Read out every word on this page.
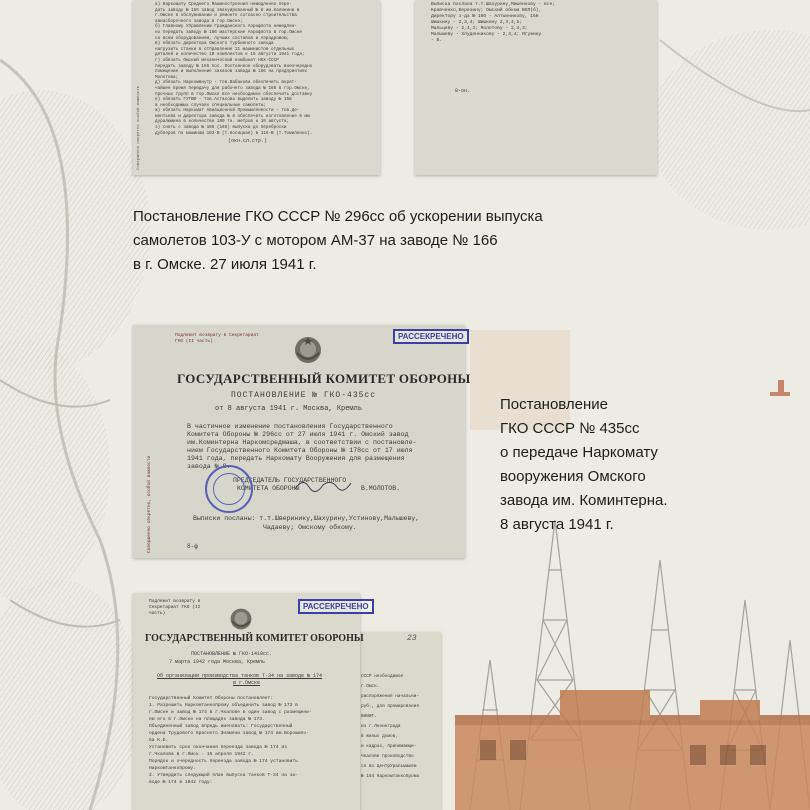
Совершенно секретно особой важности
а) Наркомату Среднего Машиностроения немедленно пере-
дать заводу № 166 завод эвакуированный № 8 им.Калинина в
г.Омске в обслуживании и ремонте согласно строительства
авиасборочного завода в гор.Омске;
б) Главному Управлению Гражданского Аэрофлота немедлен-
но передать заводу № 166 мастерские Аэрофлота в гор.Омске
со всем оборудованием, лучших составов и Аэродромом;
в) обязать директора Омского турбинного завода
нагрузить станки в отправление 11 машинистов отдельных
деталей и количество 10 комплектов к 15 августа 1941 года;
г) обязать Омский механический комбинат НКХ-СССР
передать заводу № 166 пос. Постоянное оборудовать внеочередно
помещение и выполнение заказов завода № 166 на предприятиях
Молотова;
д) обязать Наркомвнутр - тов.Бабакова обеспечить вкрат-
чайшее время передачу для рабочего завода № 166 в гор.Омске,
прочных групп в гор.Омске все необходимое обеспечить доставку
е) обязать ГУГВФ - тов.Астахова выделить заводу № 166
в необходимых случаях специальные самолеты;
ж) обязать Наркомат Авиационной Промышленности - тов.Де-
ментьева и директора завода № 8 обеспечить изготовление 6 мм
дуралюмина в количестве 100 тн. метров к 10 августа;
з) снять с завода № 166 (166) выпуска до переброски
дублеров по машинам 103-В (т.Косицкая) в 116-В (т.Томиленко).
(окн.сл.стр.)
Выписка послана т.т.Шахурину,Мишенкову - все;
Кравченко,Березину; Омский обком ВКП(б),
Директору з-да № 166 - Алтынникову, 166
Шишкину - 2,3,4; Шишкину 2,3,4,5;
Мальцеву - 2,4,3; Молотову - 2,4,3;
Малышеву - Хлудянникову - 2,3,4; Ягужину
- 8.
8-он.
Постановление ГКО СССР № 296сс об ускорении выпуска
самолетов 103-У с мотором АМ-37 на заводе № 166
в г. Омске. 27 июля 1941 г.
Подлежит возврату в Секретариат ГКО (II часть)
Совершенно секретно, особой важности
РАССЕКРЕЧЕНО
ГОСУДАРСТВЕННЫЙ КОМИТЕТ ОБОРОНЫ
ПОСТАНОВЛЕНИЕ № ГКО-435сс
от 8 августа 1941 г. Москва, Кремль
В частичное изменение постановления Государственного
Комитета Обороны № 296сс от 27 июля 1941 г. Омский завод
им.Коминтерна Наркомсредмаша, в соответствии с постановле-
нием Государственного Комитета Обороны № 178сс от 17 июля
1941 года, передать Наркомату Вооружения для размещения
завода № 8.
ПРЕДСЕДАТЕЛЬ ГОСУДАРСТВЕННОГО
КОМИТЕТА ОБОРОНЫ	В.МОЛОТОВ.
Выписки посланы: т.т.Шверинику,Шахурину,Устинову,Малышеву,
Чадаеву; Омскому обкому.
8-ф
Постановление
ГКО СССР № 435сс
о передаче Наркомату
вооружения Омского
завода им. Коминтерна.
8 августа 1941 г.
23
СССР необходимое
г.Омск.
распоряжение начальни-
руб., для премирования
ВНИИТ.
из г.Ленинграда
в жилых домов,
и кадрах, принимающи-
Чкалове производство
ся во ЦентрУральмашем
№ 154 Наркомтанкопрома
Подлежит возврату в Секретариат ГКО (II часть)
РАССЕКРЕЧЕНО
ГОСУДАРСТВЕННЫЙ КОМИТЕТ ОБОРОНЫ
ПОСТАНОВЛЕНИЕ № ГКО-1410сс.
7 марта 1942 года Москва, Кремль
Об организации производства танков Т-34 на заводе № 174
в г.Омске
Государственный Комитет Обороны постановляет:
1. Разрешить Наркомтанкопрому объединить завод № 173 в
г.Омске и завод № 174 в г.Чкалове в один завод с размещени-
ем его в г.Омске на площадях завода № 173.
Объединенный завод впредь именовать: Государственный
ордена Трудового Красного Знамени завод № 174 им.Ворошило-
ва К.Е.
Установить срок окончания переезда завода № 174 из
г.Чкалова в г.Омск - 15 апреля 1942 г.
Порядок и очередность переезда завода № 174 установить
Наркомтанкопрому.
2. Утвердить следующий план выпуска танков Т-34 на за-
воде № 174 в 1942 году:
